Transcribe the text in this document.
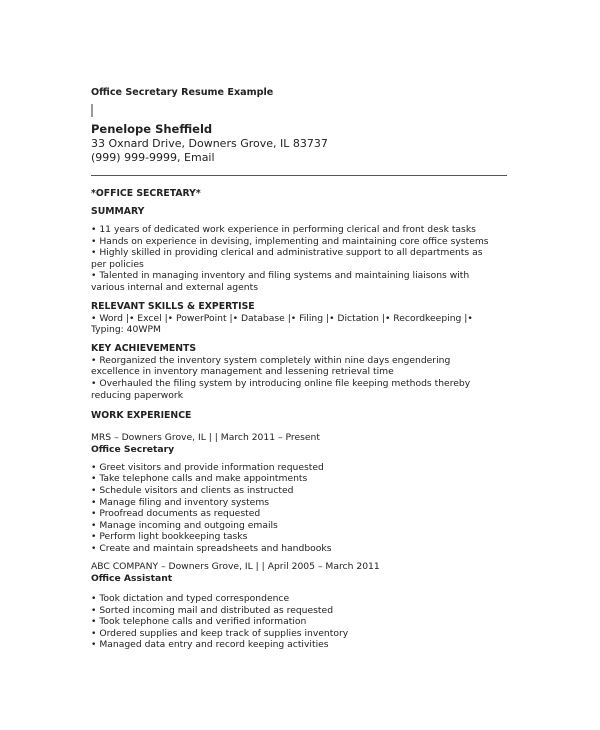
Office Secretary Resume Example
Penelope Sheffield
33 Oxnard Drive, Downers Grove, IL 83737
(999) 999-9999, Email
*OFFICE SECRETARY*
SUMMARY
• 11 years of dedicated work experience in performing clerical and front desk tasks
• Hands on experience in devising, implementing and maintaining core office systems
• Highly skilled in providing clerical and administrative support to all departments as per policies
• Talented in managing inventory and filing systems and maintaining liaisons with various internal and external agents
RELEVANT SKILLS & EXPERTISE
• Word |• Excel |• PowerPoint |• Database |• Filing |• Dictation |• Recordkeeping |• Typing: 40WPM
KEY ACHIEVEMENTS
• Reorganized the inventory system completely within nine days engendering excellence in inventory management and lessening retrieval time
• Overhauled the filing system by introducing online file keeping methods thereby reducing paperwork
WORK EXPERIENCE
MRS – Downers Grove, IL | | March 2011 – Present
Office Secretary
• Greet visitors and provide information requested
• Take telephone calls and make appointments
• Schedule visitors and clients as instructed
• Manage filing and inventory systems
• Proofread documents as requested
• Manage incoming and outgoing emails
• Perform light bookkeeping tasks
• Create and maintain spreadsheets and handbooks
ABC COMPANY – Downers Grove, IL | | April 2005 – March 2011
Office Assistant
• Took dictation and typed correspondence
• Sorted incoming mail and distributed as requested
• Took telephone calls and verified information
• Ordered supplies and keep track of supplies inventory
• Managed data entry and record keeping activities
